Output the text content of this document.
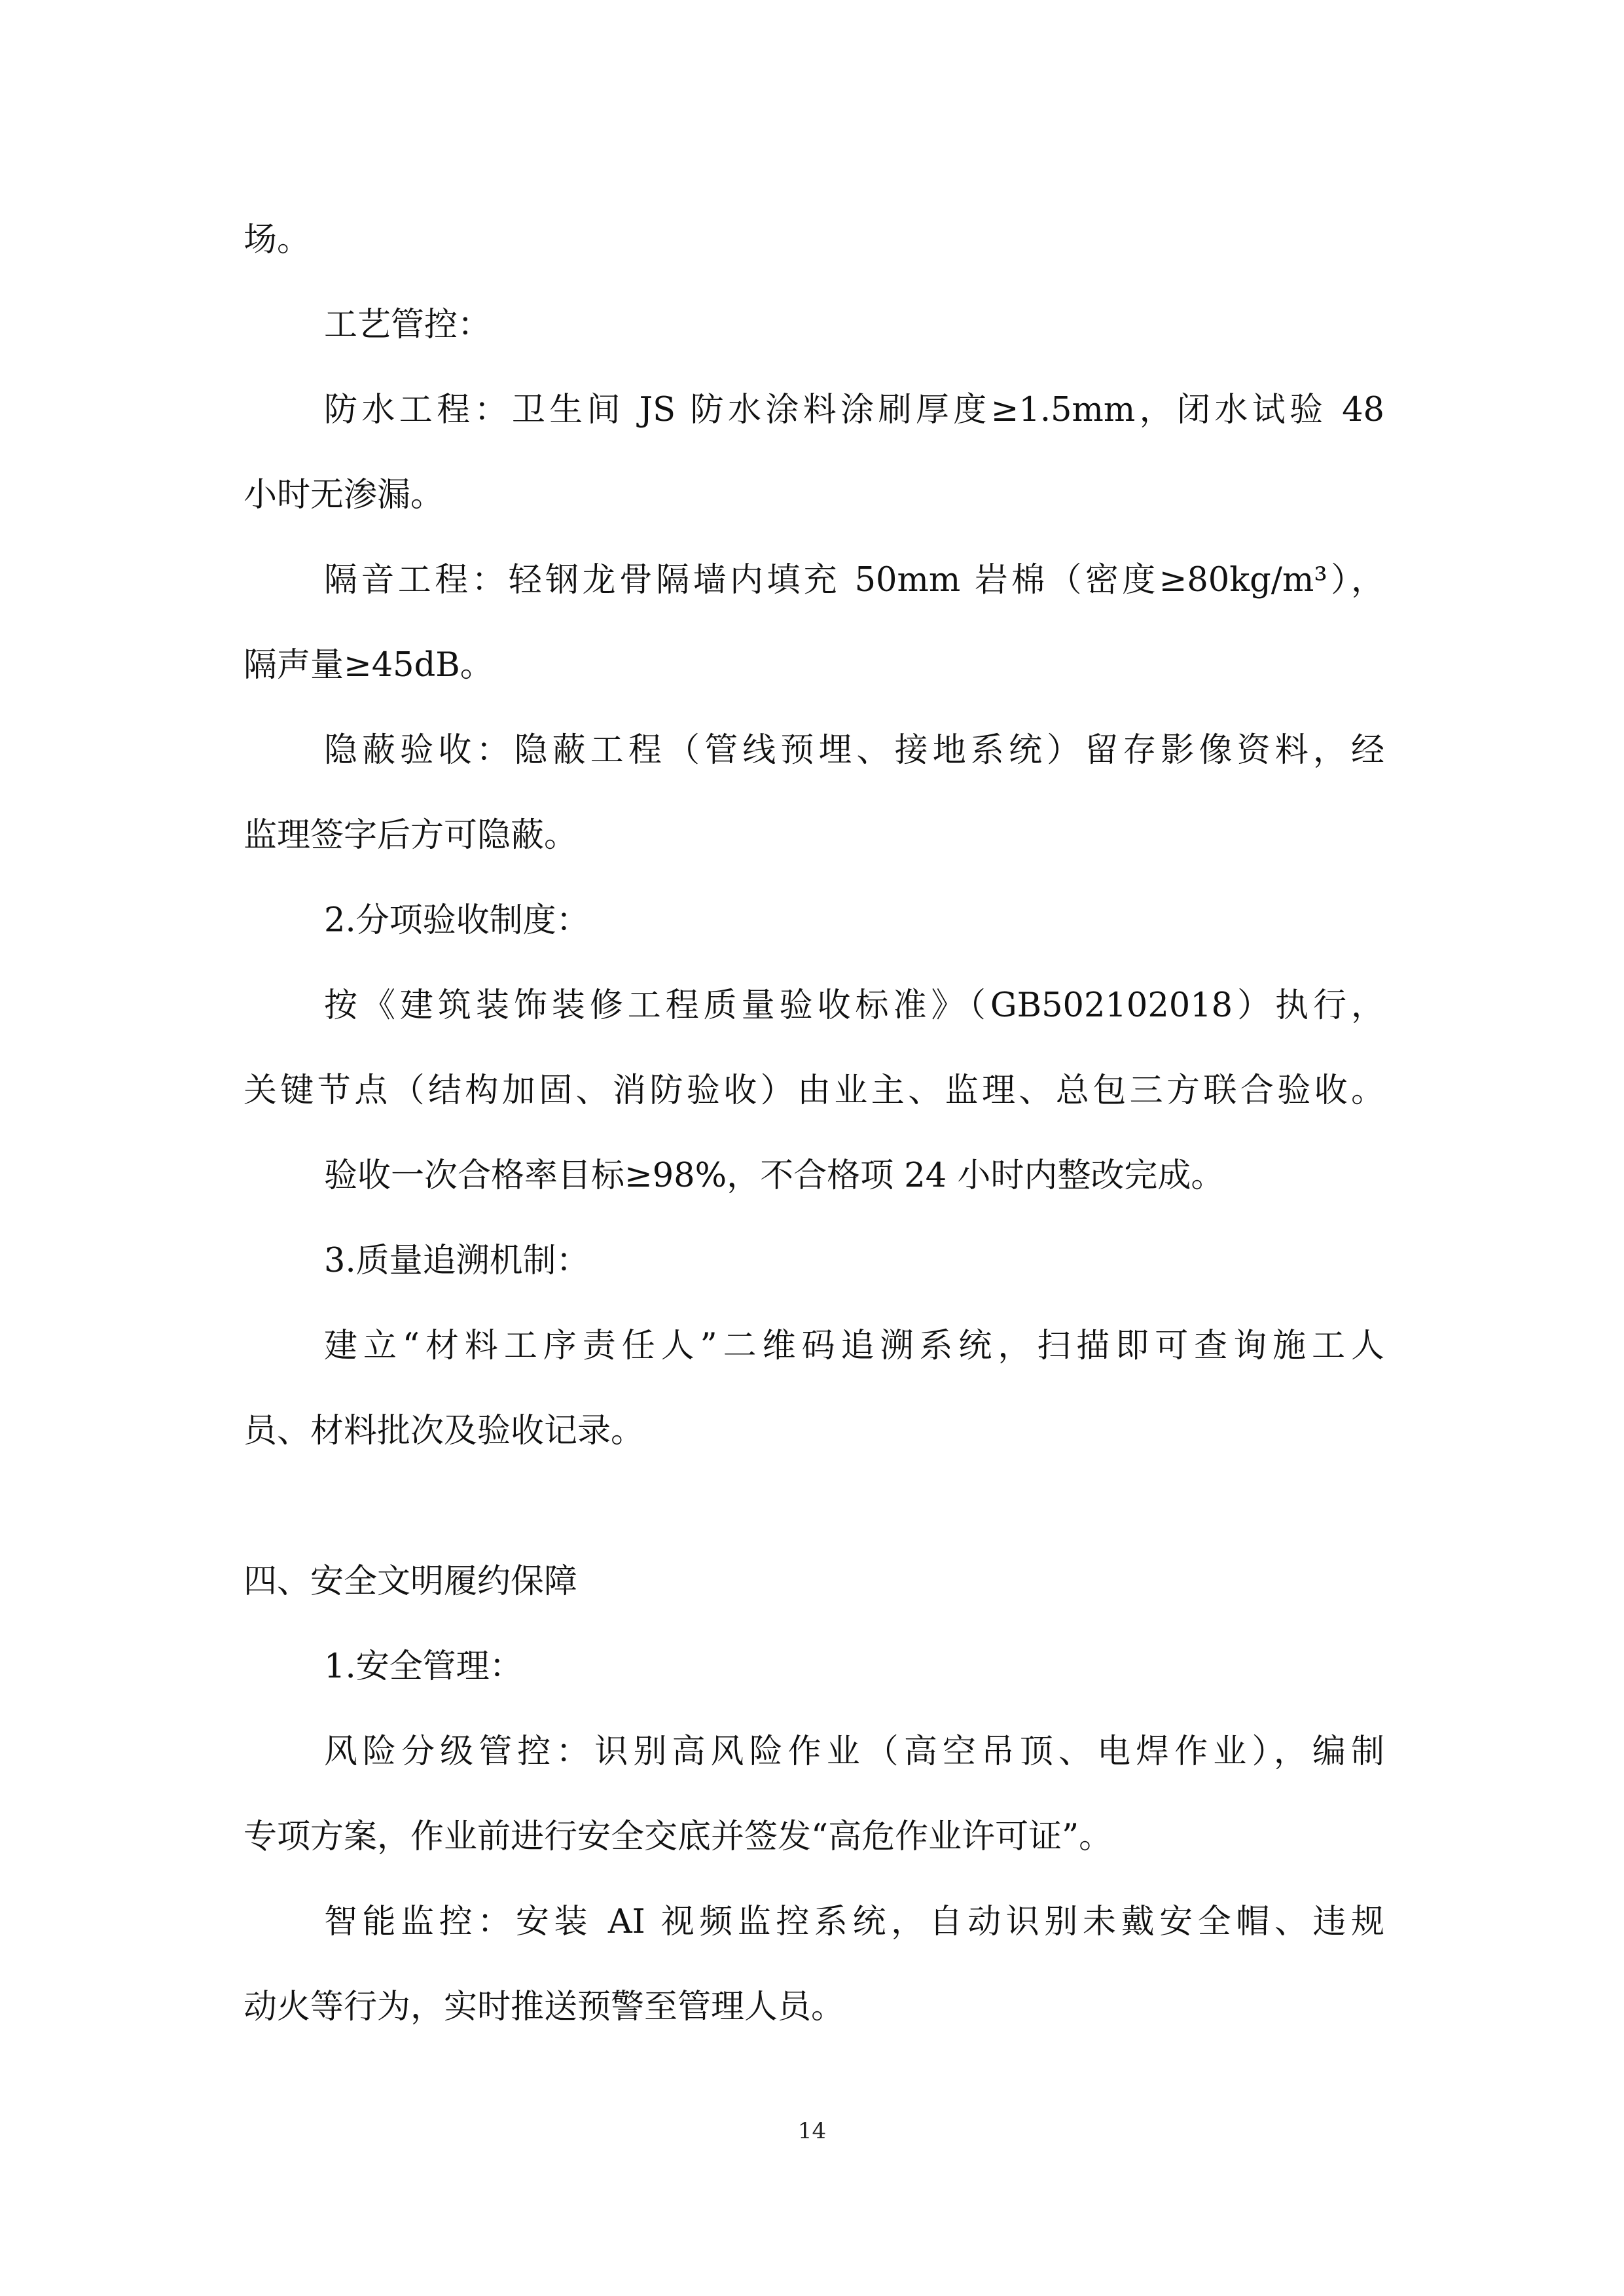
场。
工艺管控：
防水工程：卫生间 JS 防水涂料涂刷厚度≥1.5mm，闭水试验 48
小时无渗漏。
隔音工程：轻钢龙骨隔墙内填充 50mm 岩棉（密度≥80kg/m³），
隔声量≥45dB。
隐蔽验收：隐蔽工程（管线预埋、接地系统）留存影像资料，经
监理签字后方可隐蔽。
2.分项验收制度：
按《建筑装饰装修工程质量验收标准》（GB502102018）执行，
关键节点（结构加固、消防验收）由业主、监理、总包三方联合验收。
验收一次合格率目标≥98%，不合格项 24 小时内整改完成。
3.质量追溯机制：
建立“材料工序责任人”二维码追溯系统，扫描即可查询施工人
员、材料批次及验收记录。
四、安全文明履约保障
1.安全管理：
风险分级管控：识别高风险作业（高空吊顶、电焊作业），编制
专项方案，作业前进行安全交底并签发“高危作业许可证”。
智能监控：安装 AI 视频监控系统，自动识别未戴安全帽、违规
动火等行为，实时推送预警至管理人员。
14
